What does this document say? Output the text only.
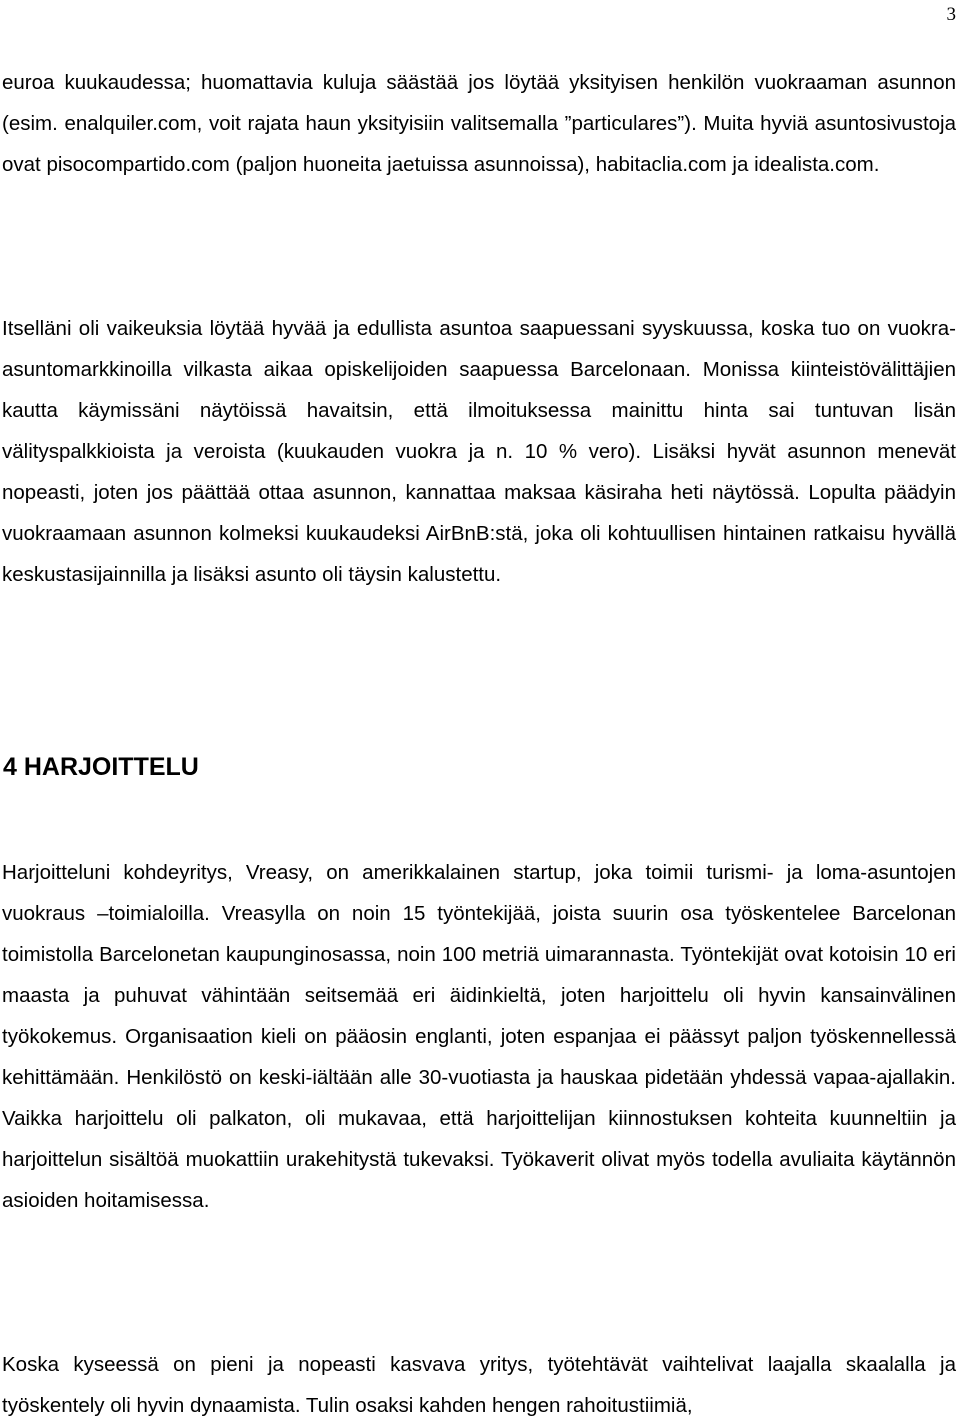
3

euroa kuukaudessa; huomattavia kuluja säästää jos löytää yksityisen henkilön vuokraaman asunnon (esim. enalquiler.com, voit rajata haun yksityisiin valitsemalla ”particulares”). Muita hyviä asuntosivustoja ovat pisocompartido.com (paljon huoneita jaetuissa asunnoissa), habitaclia.com ja idealista.com.

Itselläni oli vaikeuksia löytää hyvää ja edullista asuntoa saapuessani syyskuussa, koska tuo on vuokra-asuntomarkkinoilla vilkasta aikaa opiskelijoiden saapuessa Barcelonaan. Monissa kiinteistövälittäjien kautta käymissäni näytöissä havaitsin, että ilmoituksessa mainittu hinta sai tuntuvan lisän välityspalkkioista ja veroista (kuukauden vuokra ja n. 10 % vero). Lisäksi hyvät asunnon menevät nopeasti, joten jos päättää ottaa asunnon, kannattaa maksaa käsiraha heti näytössä. Lopulta päädyin vuokraamaan asunnon kolmeksi kuukaudeksi AirBnB:stä, joka oli kohtuullisen hintainen ratkaisu hyvällä keskustasijainnilla ja lisäksi asunto oli täysin kalustettu.

4 HARJOITTELU

Harjoitteluni kohdeyritys, Vreasy, on amerikkalainen startup, joka toimii turismi- ja loma-asuntojen vuokraus –toimialoilla. Vreasylla on noin 15 työntekijää, joista suurin osa työskentelee Barcelonan toimistolla Barcelonetan kaupunginosassa, noin 100 metriä uimarannasta. Työntekijät ovat kotoisin 10 eri maasta ja puhuvat vähintään seitsemää eri äidinkieltä, joten harjoittelu oli hyvin kansainvälinen työkokemus. Organisaation kieli on pääosin englanti, joten espanjaa ei päässyt paljon työskennellessä kehittämään. Henkilöstö on keski-iältään alle 30-vuotiasta ja hauskaa pidetään yhdessä vapaa-ajallakin. Vaikka harjoittelu oli palkaton, oli mukavaa, että harjoittelijan kiinnostuksen kohteita kuunneltiin ja harjoittelun sisältöä muokattiin urakehitystä tukevaksi. Työkaverit olivat myös todella avuliaita käytännön asioiden hoitamisessa.

Koska kyseessä on pieni ja nopeasti kasvava yritys, työtehtävät vaihtelivat laajalla skaalalla ja työskentely oli hyvin dynaamista. Tulin osaksi kahden hengen rahoitustiimiä,
